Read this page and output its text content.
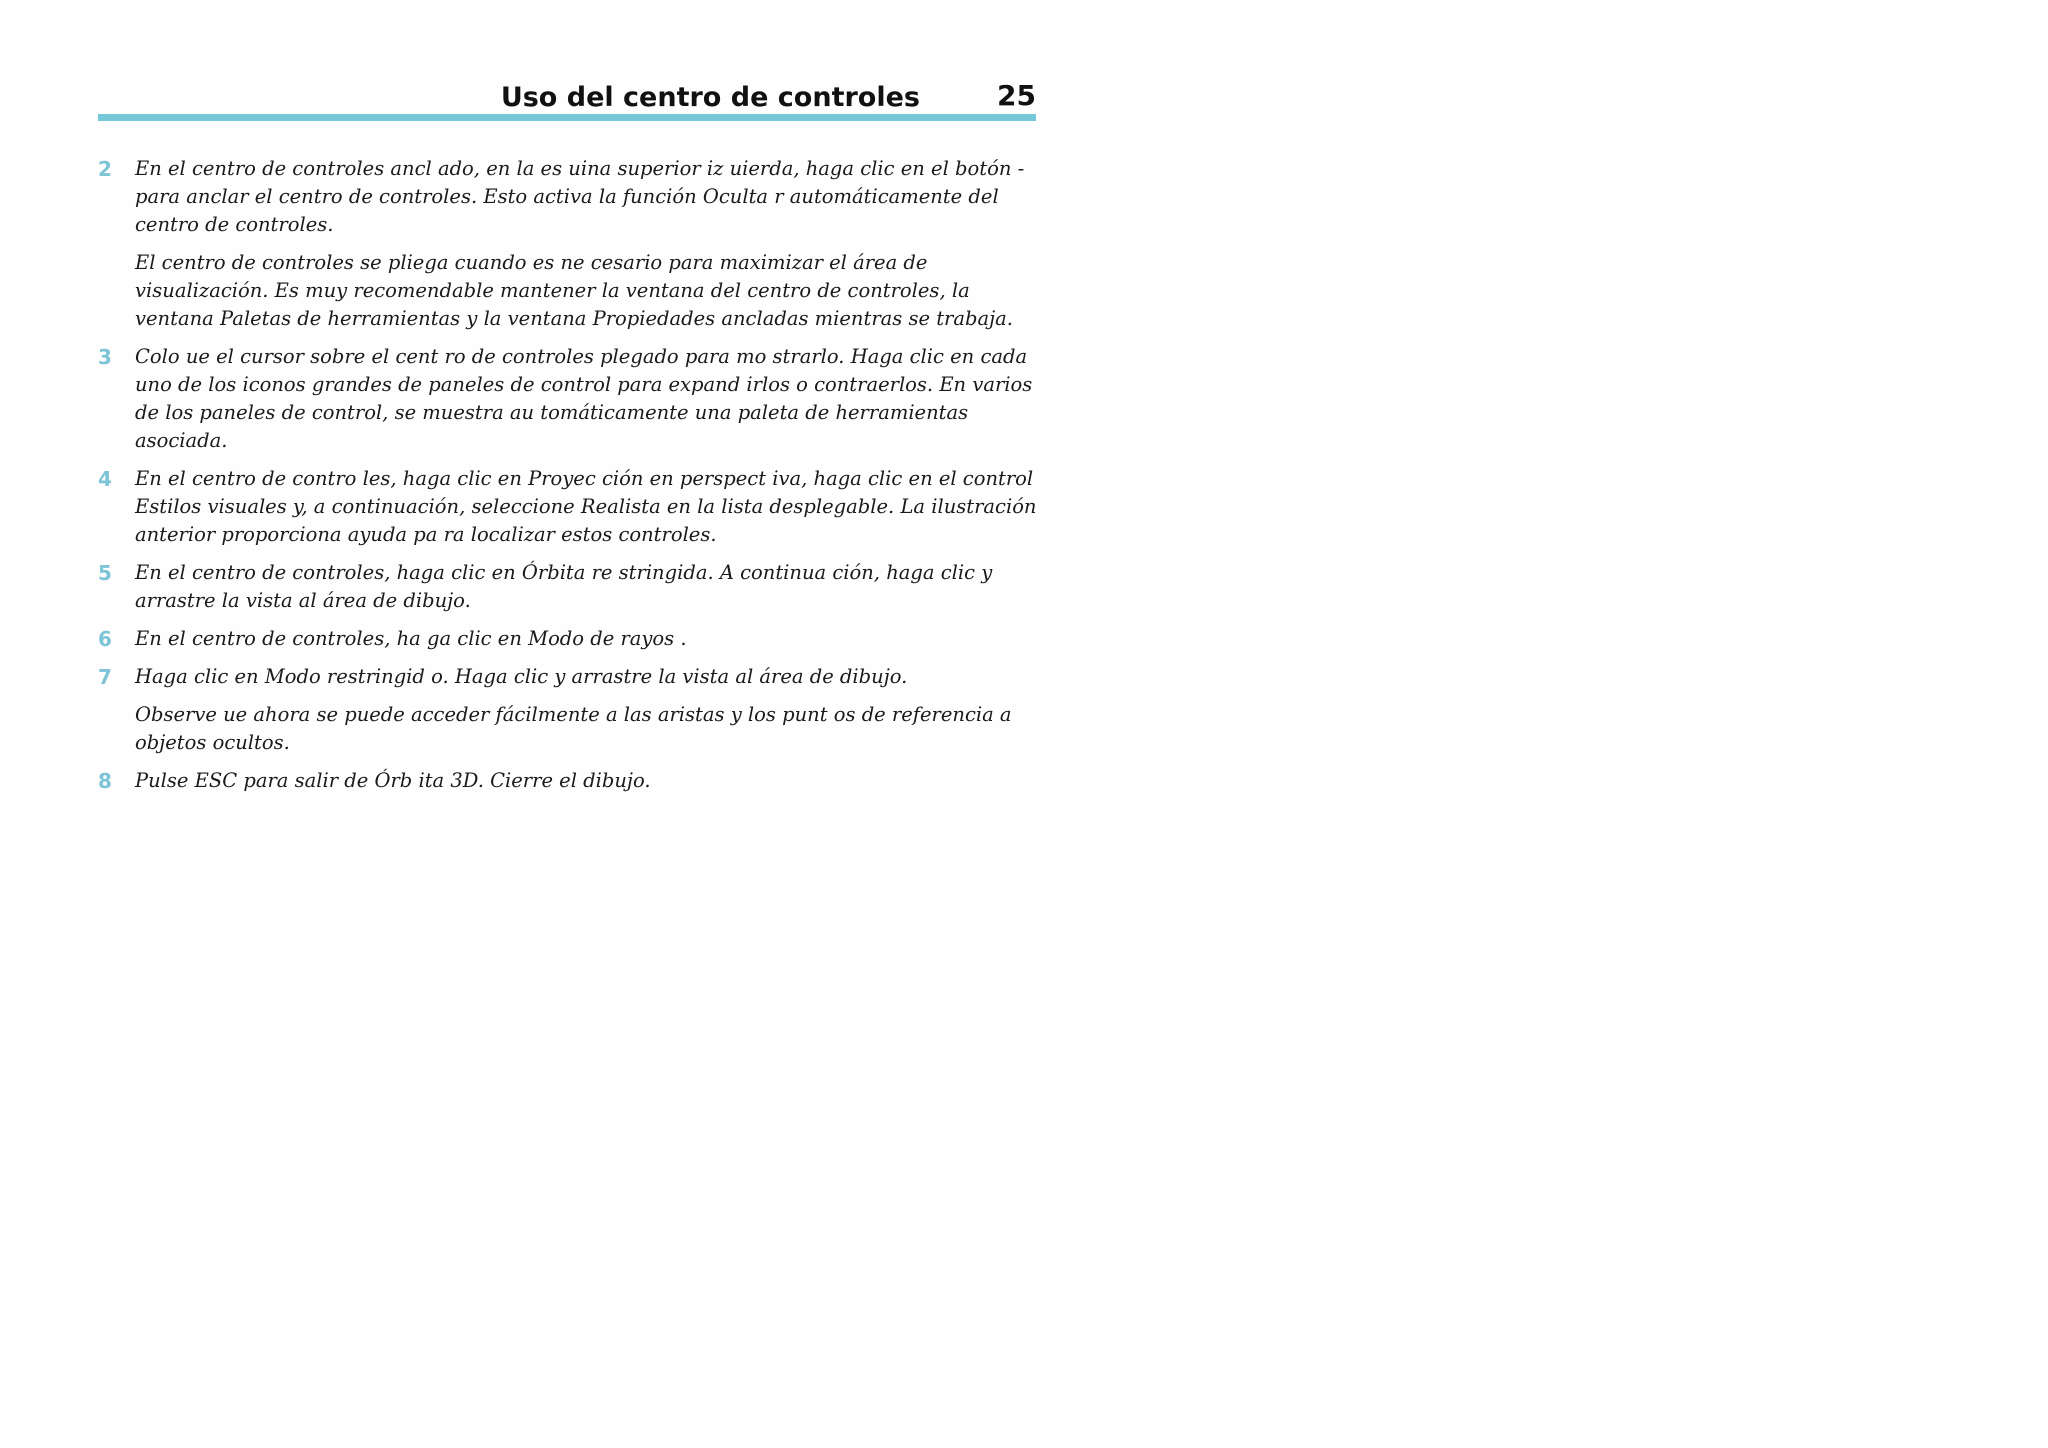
Uso del centro de controles	25
2 En el centro de controles ancl ado, en la es uina superior iz uierda, haga clic en el botón - para anclar el centro de controles. Esto activa la función Oculta r automáticamente del centro de controles.

El centro de controles se pliega cuando es ne cesario para maximizar el área de visualización. Es muy recomendable mantener la ventana del centro de controles, la ventana Paletas de herramientas y la ventana Propiedades ancladas mientras se trabaja.

3 Colo ue el cursor sobre el cent ro de controles plegado para mo strarlo. Haga clic en cada uno de los iconos grandes de paneles de control para expand irlos o contraerlos. En varios de los paneles de control, se muestra au tomáticamente una paleta de herramientas asociada.

4 En el centro de contro les, haga clic en Proyec ción en perspect iva, haga clic en el control Estilos visuales y, a continuación, seleccione Realista en la lista desplegable. La ilustración anterior proporciona ayuda pa ra localizar estos controles.

5 En el centro de controles, haga clic en Órbita re stringida. A continua ción, haga clic y arrastre la vista al área de dibujo.

6 En el centro de controles, ha ga clic en Modo de rayos .

7 Haga clic en Modo restringid o. Haga clic y arrastre la vista al área de dibujo.

Observe ue ahora se puede acceder fácilmente a las aristas y los punt os de referencia a objetos ocultos.

8 Pulse ESC para salir de Órb ita 3D. Cierre el dibujo.
